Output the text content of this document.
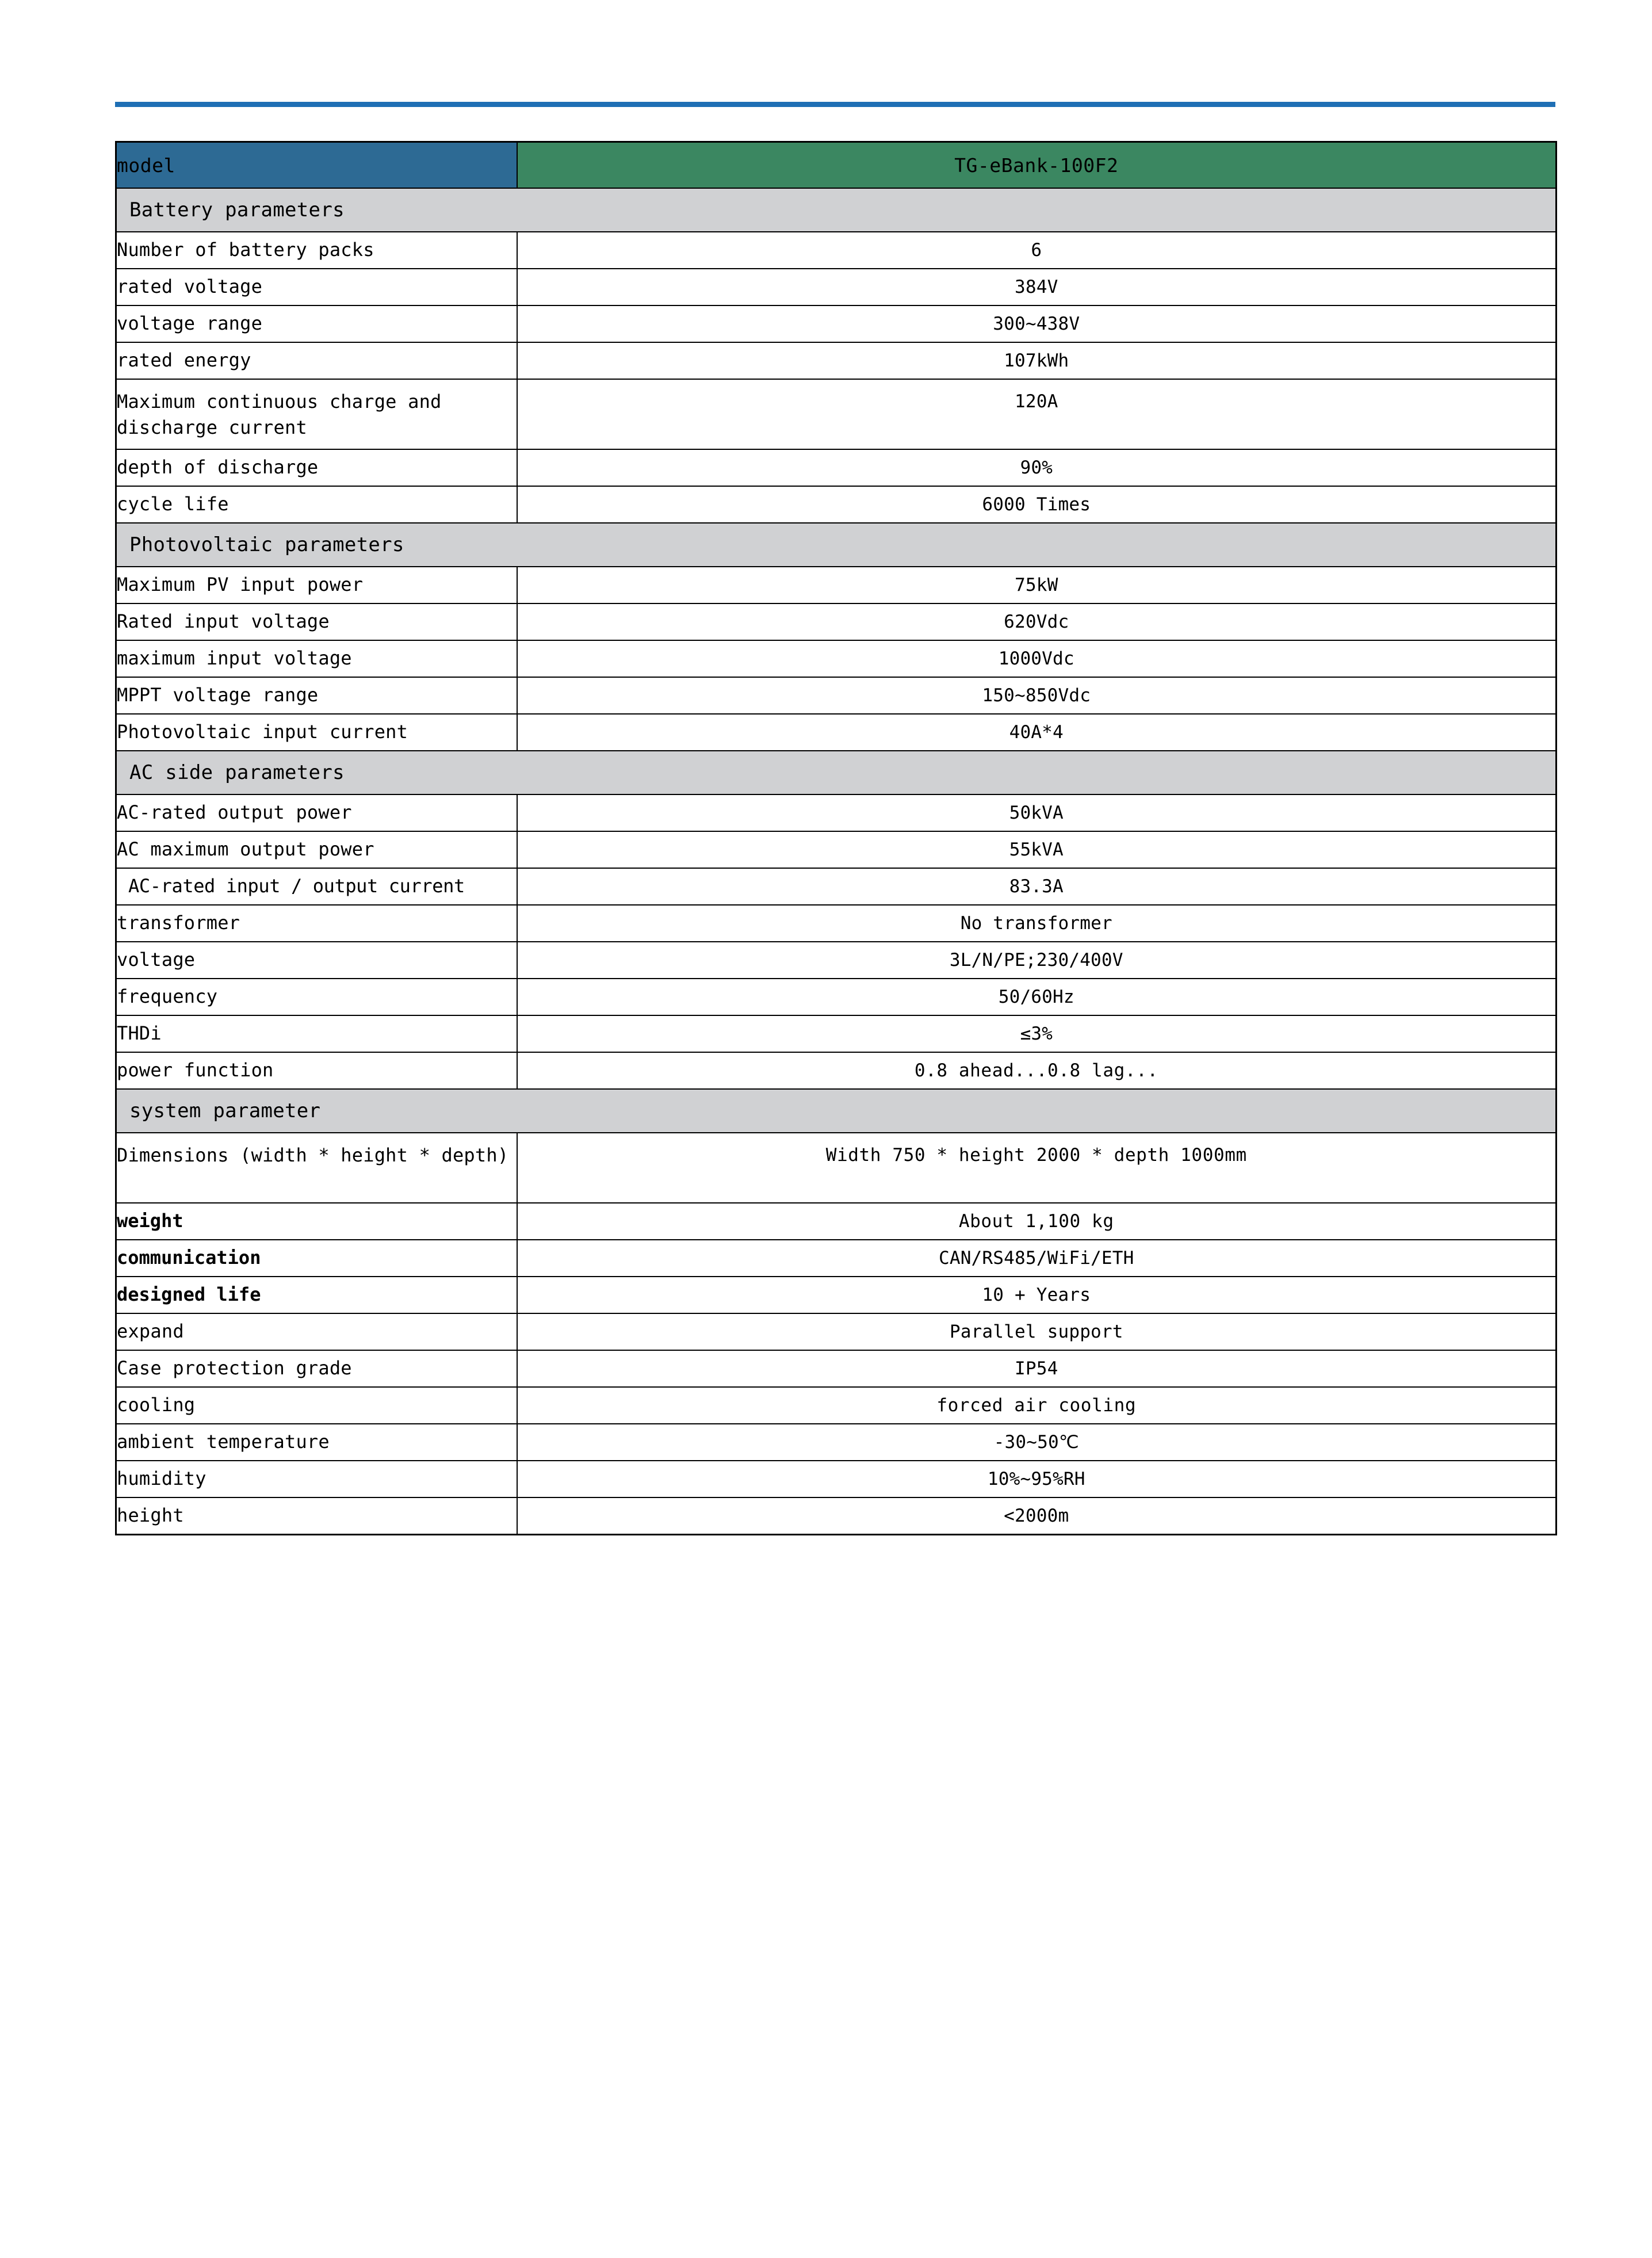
model	TG-eBank-100F2
Battery parameters	
Number of battery packs	6
rated voltage	384V
voltage range	300~438V
rated energy	107kWh
Maximum continuous charge and discharge current	120A
depth of discharge	90%
cycle life	6000 Times
Photovoltaic parameters	
Maximum PV input power	75kW
Rated input voltage	620Vdc
maximum input voltage	1000Vdc
MPPT voltage range	150~850Vdc
Photovoltaic input current	40A*4
AC side parameters	
AC-rated output power	50kVA
AC maximum output power	55kVA
AC-rated input / output current	83.3A
transformer	No transformer
voltage	3L/N/PE;230/400V
frequency	50/60Hz
THDi	≤3%
power function	0.8 ahead...0.8 lag...
system parameter	
Dimensions (width * height * depth)	Width 750 * height 2000 * depth 1000mm
weight	About 1,100 kg
communication	CAN/RS485/WiFi/ETH
designed life	10 + Years
expand	Parallel support
Case protection grade	IP54
cooling	forced air cooling
ambient temperature	-30~50℃
humidity	10%~95%RH
height	<2000m
